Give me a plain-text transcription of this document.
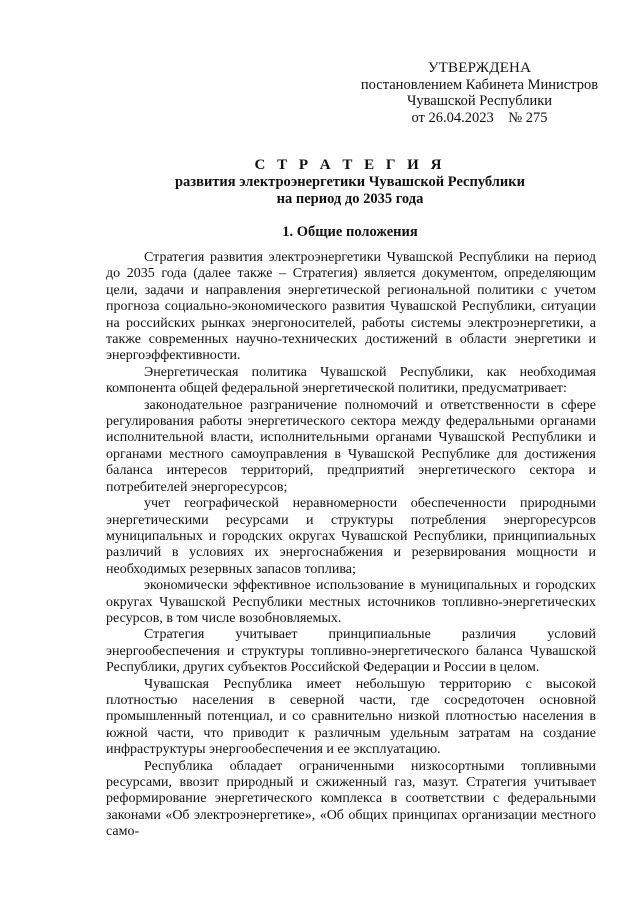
УТВЕРЖДЕНА
постановлением Кабинета Министров
Чувашской Республики
от 26.04.2023    № 275
С Т Р А Т Е Г И Я
развития электроэнергетики Чувашской Республики
на период до 2035 года
1. Общие положения

Стратегия развития электроэнергетики Чувашской Республики на период до 2035 года (далее также – Стратегия) является документом, определяющим цели, задачи и направления энергетической региональной политики с учетом прогноза социально-экономического развития Чувашской Республики, ситуации на российских рынках энергоносителей, работы системы электроэнергетики, а также современных научно-технических достижений в области энергетики и энергоэффективности.

Энергетическая политика Чувашской Республики, как необходимая компонента общей федеральной энергетической политики, предусматривает:

законодательное разграничение полномочий и ответственности в сфере регулирования работы энергетического сектора между федеральными органами исполнительной власти, исполнительными органами Чувашской Республики и органами местного самоуправления в Чувашской Республике для достижения баланса интересов территорий, предприятий энергетического сектора и потребителей энергоресурсов;

учет географической неравномерности обеспеченности природными энергетическими ресурсами и структуры потребления энергоресурсов муниципальных и городских округах Чувашской Республики, принципиальных различий в условиях их энергоснабжения и резервирования мощности и необходимых резервных запасов топлива;

экономически эффективное использование в муниципальных и городских округах Чувашской Республики местных источников топливно-энергетических ресурсов, в том числе возобновляемых.

Стратегия учитывает принципиальные различия условий энергообеспечения и структуры топливно-энергетического баланса Чувашской Республики, других субъектов Российской Федерации и России в целом.

Чувашская Республика имеет небольшую территорию с высокой плотностью населения в северной части, где сосредоточен основной промышленный потенциал, и со сравнительно низкой плотностью населения в южной части, что приводит к различным удельным затратам на создание инфраструктуры энергообеспечения и ее эксплуатацию.

Республика обладает ограниченными низкосортными топливными ресурсами, ввозит природный и сжиженный газ, мазут. Стратегия учитывает реформирование энергетического комплекса в соответствии с федеральными законами «Об электроэнергетике», «Об общих принципах организации местного само-
